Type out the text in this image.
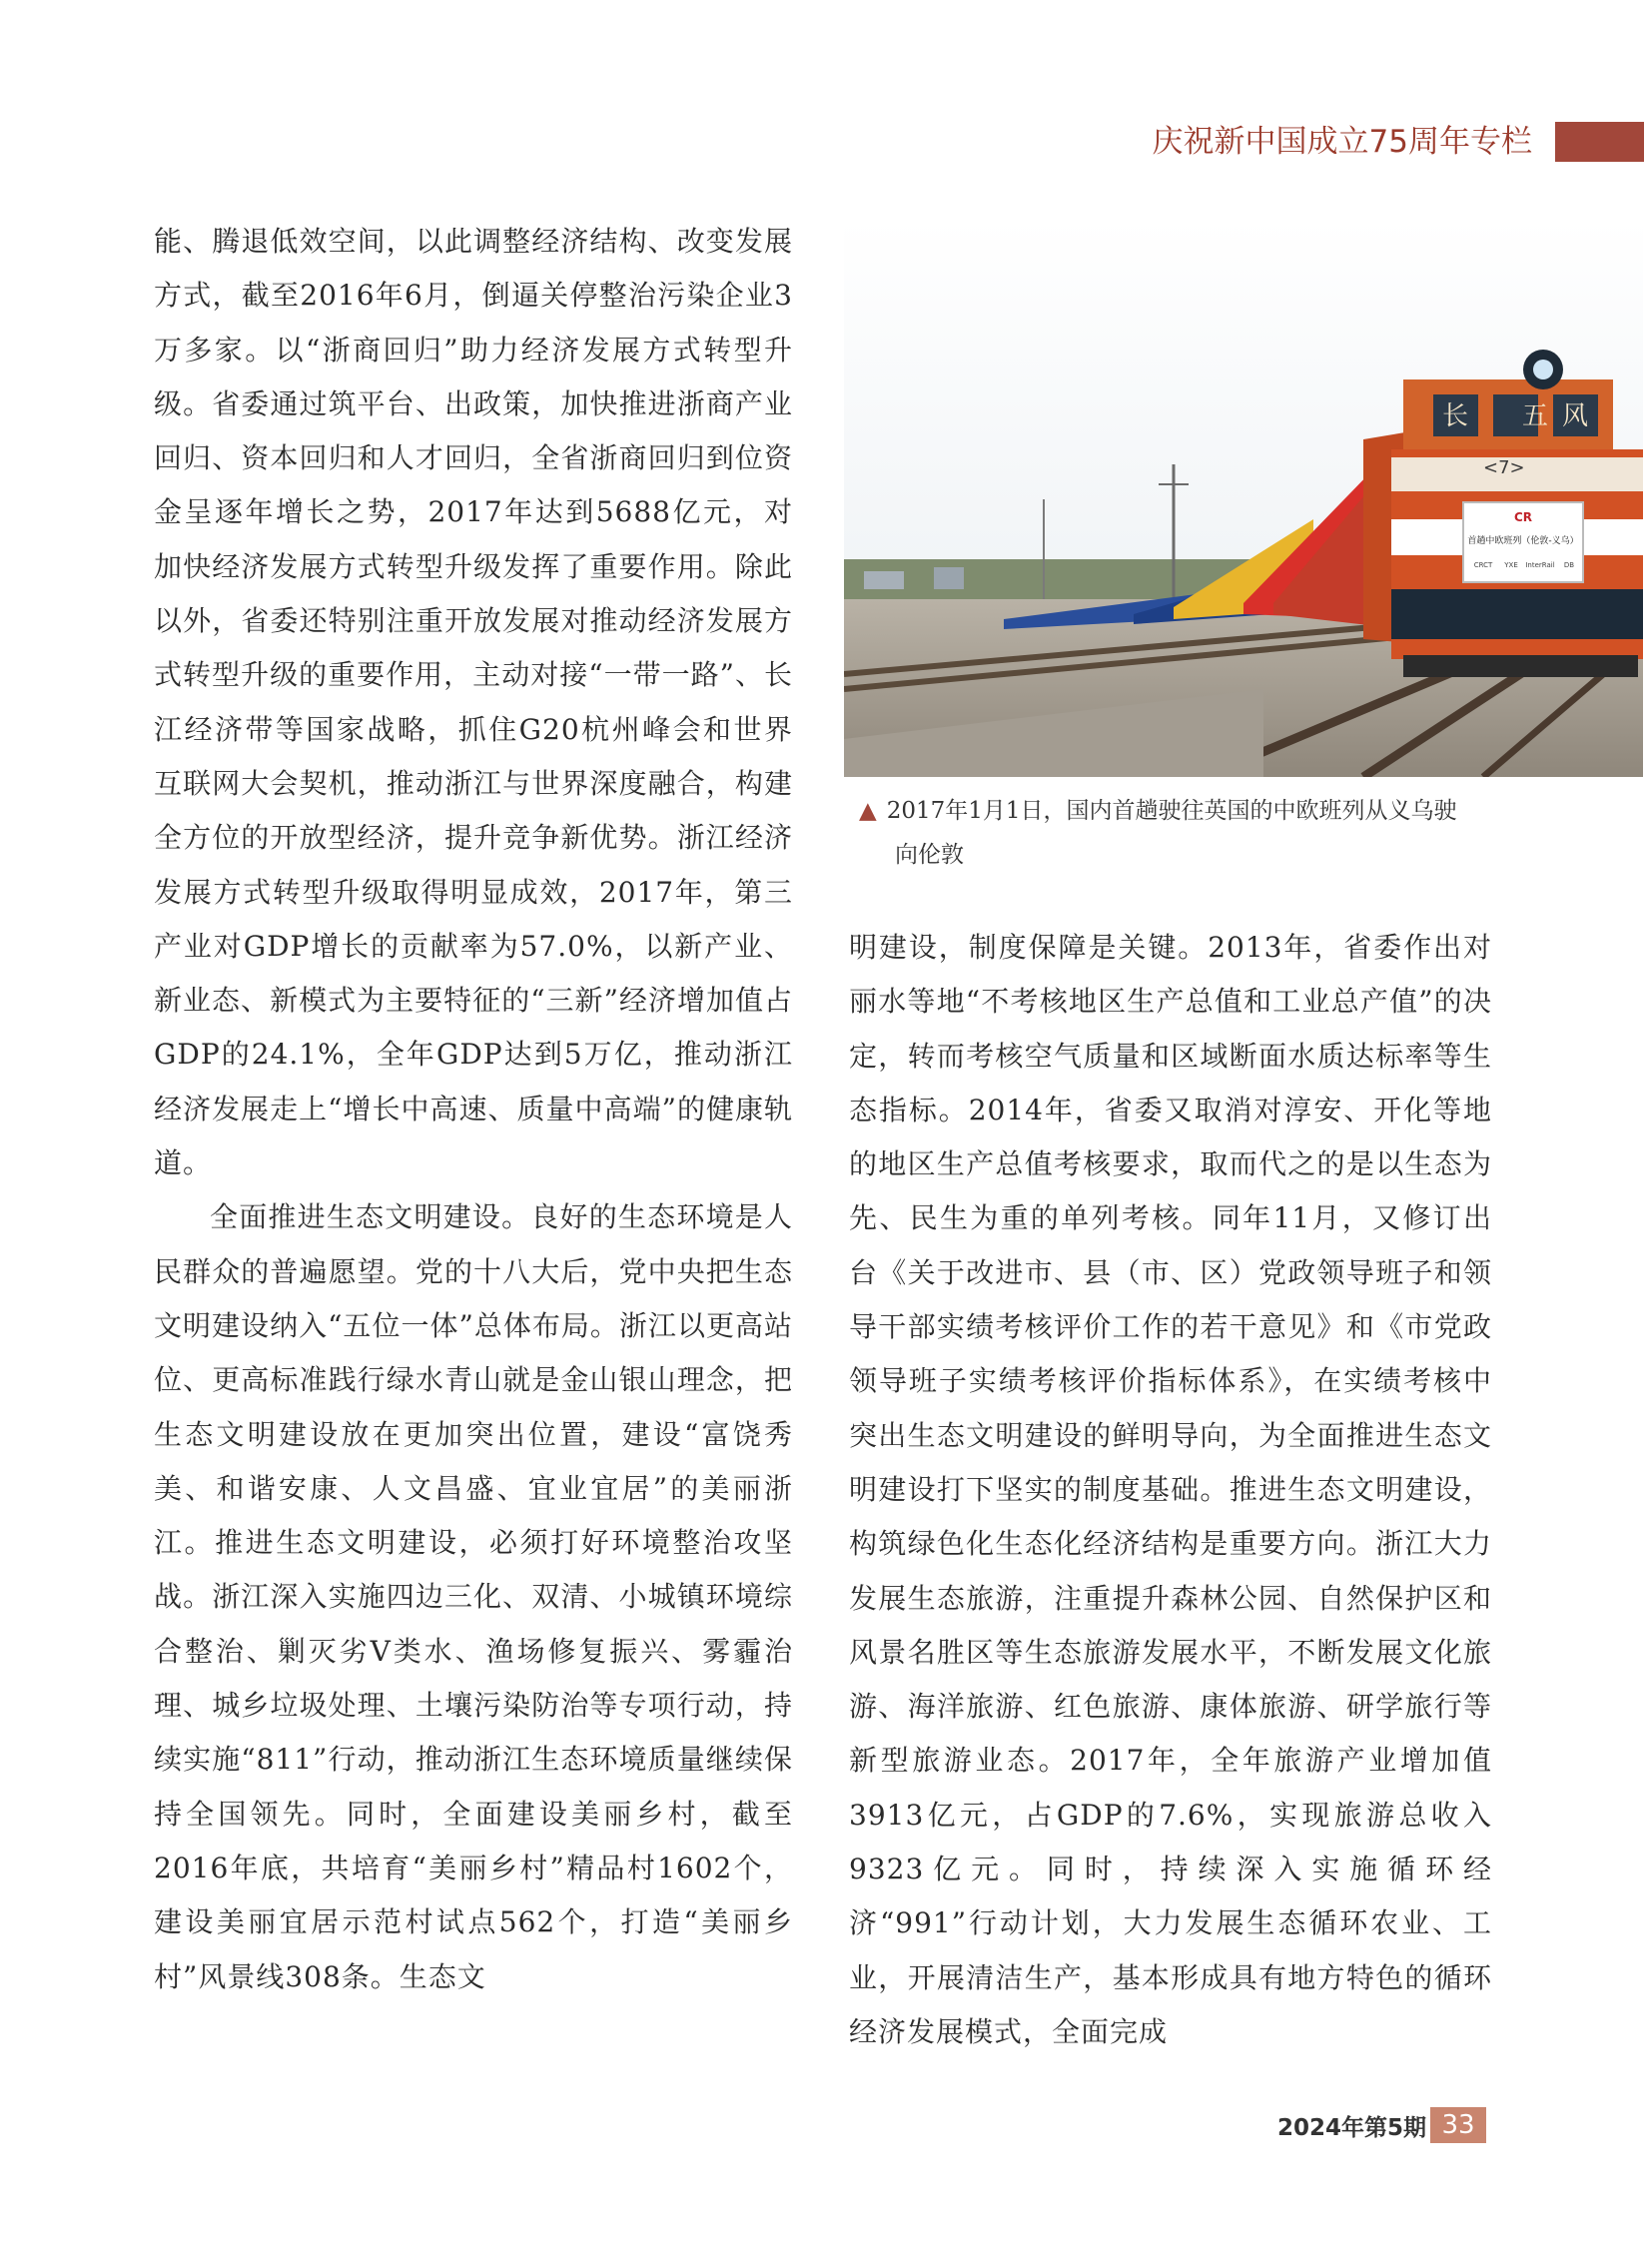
庆祝新中国成立75周年专栏

能、腾退低效空间，以此调整经济结构、改变发展方式，截至2016年6月，倒逼关停整治污染企业3万多家。以“浙商回归”助力经济发展方式转型升级。省委通过筑平台、出政策，加快推进浙商产业回归、资本回归和人才回归，全省浙商回归到位资金呈逐年增长之势，2017年达到5688亿元，对加快经济发展方式转型升级发挥了重要作用。除此以外，省委还特别注重开放发展对推动经济发展方式转型升级的重要作用，主动对接“一带一路”、长江经济带等国家战略，抓住G20杭州峰会和世界互联网大会契机，推动浙江与世界深度融合，构建全方位的开放型经济，提升竞争新优势。浙江经济发展方式转型升级取得明显成效，2017年，第三产业对GDP增长的贡献率为57.0%，以新产业、新业态、新模式为主要特征的“三新”经济增加值占GDP的24.1%，全年GDP达到5万亿，推动浙江经济发展走上“增长中高速、质量中高端”的健康轨道。

全面推进生态文明建设。良好的生态环境是人民群众的普遍愿望。党的十八大后，党中央把生态文明建设纳入“五位一体”总体布局。浙江以更高站位、更高标准践行绿水青山就是金山银山理念，把生态文明建设放在更加突出位置，建设“富饶秀美、和谐安康、人文昌盛、宜业宜居”的美丽浙江。推进生态文明建设，必须打好环境整治攻坚战。浙江深入实施四边三化、双清、小城镇环境综合整治、剿灭劣V类水、渔场修复振兴、雾霾治理、城乡垃圾处理、土壤污染防治等专项行动，持续实施“811”行动，推动浙江生态环境质量继续保持全国领先。同时，全面建设美丽乡村，截至2016年底，共培育“美丽乡村”精品村1602个，建设美丽宜居示范村试点562个，打造“美丽乡村”风景线308条。生态文

长 五 风
<7>
CR
首趟中欧班列（伦敦-义乌）
CRCT YXE InterRail DB
▲ 2017年1月1日，国内首趟驶往英国的中欧班列从义乌驶
向伦敦

明建设，制度保障是关键。2013年，省委作出对丽水等地“不考核地区生产总值和工业总产值”的决定，转而考核空气质量和区域断面水质达标率等生态指标。2014年，省委又取消对淳安、开化等地的地区生产总值考核要求，取而代之的是以生态为先、民生为重的单列考核。同年11月，又修订出台《关于改进市、县（市、区）党政领导班子和领导干部实绩考核评价工作的若干意见》和《市党政领导班子实绩考核评价指标体系》，在实绩考核中突出生态文明建设的鲜明导向，为全面推进生态文明建设打下坚实的制度基础。推进生态文明建设，构筑绿色化生态化经济结构是重要方向。浙江大力发展生态旅游，注重提升森林公园、自然保护区和风景名胜区等生态旅游发展水平，不断发展文化旅游、海洋旅游、红色旅游、康体旅游、研学旅行等新型旅游业态。2017年，全年旅游产业增加值3913亿元，占GDP的7.6%，实现旅游总收入9323亿元。同时，持续深入实施循环经济“991”行动计划，大力发展生态循环农业、工业，开展清洁生产，基本形成具有地方特色的循环经济发展模式，全面完成

2024年第5期 33
